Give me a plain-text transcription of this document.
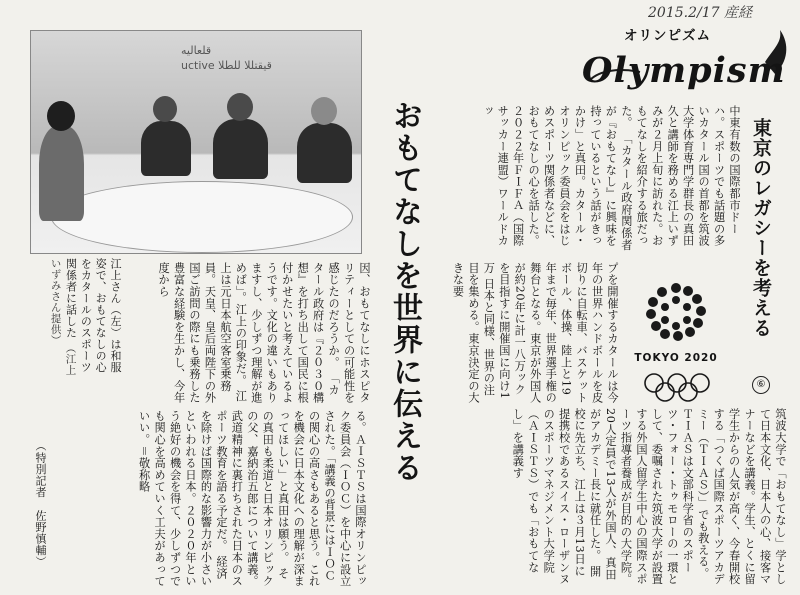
2015.2/17 産経
オリンピズム
Olympism
東京のレガシーを考える
⑥
中東有数の国際都市ドーハ。スポーツでも話題の多いカタール国の首都を筑波大学体育専門学群長の真田久と講師を務める江上いずみが２月上旬に訪れた。おもてなしを紹介する旅だった。 「カタール政府関係者が『おもてなし』に興味を持っているという話がきっかけ」と真田。カタール・オリンピック委員会をはじめスポーツ関係者などに、おもてなしの心を話した。 ２０２２年ＦＩＦＡ（国際サッカー連盟）ワールドカッ
おもてなしを世界に伝える	TOKYO 2020
プを開催するカタールは今年の世界ハンドボールを皮切りに自転車、バスケットボール、体操、陸上と19年まで毎年、世界選手権の舞台となる。東京が外国人が約20年に計一八万ックを目指すに開催国に向け1万 日本と同様、世界の注目を集める。東京決定の大きな要
ﻗﻠﻌﺎﻟﻴﻪ
uctive ﻗﻴﻘﺘﻠﻠﺎ ﻟﻠﻄﻼ
江上さん（左）は和服姿で、おもてなしの心をカタールのスポーツ関係者に話した （江上いずみさん提供）	因、おもてなしにホスピタリティーとしての可能性を感じたのだろうか。 「カタール政府は『２０３０構想』を打ち出して国民に根付かせたいと考えているようです。文化の違いもありますし、少しずつ理解が進めば」。江上の印象だ。 江上は元日本航空客室乗務員。天皇、皇后両陛下の外国ご訪問の際にも乗務した豊富な経験を生かし、今年度から
筑波大学で「おもてなし」学として日本文化、日本人の心、接客マナーなどを講義。学生、とくに留学生からの人気が高く、今春開校する「つくば国際スポーツアカデミー（ＴＩＡＳ）」でも教える。 ＴＩＡＳは文部科学省のスポーツ・フォー・トゥモローの一環として、委嘱された筑波大学が設置する外国人留学生中心の国際スポーツ指導者養成が目的の大学院。20人定員で13人が外国人、真田がアカデミー長に就任した。 開校に先立ち、江上は３月13日に提携校であるスイス・ローザンヌのスポーツマネジメント大学院（ＡＩＳＴＳ）でも「おもてなし」を講義す
る。ＡＩＳＴＳは国際オリンピック委員会（ＩＯＣ）を中心に設立された。「講義の背景にはＩＯＣの関心の高さもあると思う。これを機会に日本文化への理解が深まってほしい」と真田は願う。 その真田も柔道と日本オリンピックの父、嘉納治五郎について講義。武道精神に裏打ちされた日本のスポーツ教育を語る予定だ。 経済を除けば国際的な影響力が小さいといわれる日本。２０２０年という絶好の機会を得て、少しずつでも関心を高めていく工夫があっていい。＝敬称略
（特別記者　佐野慎輔）
